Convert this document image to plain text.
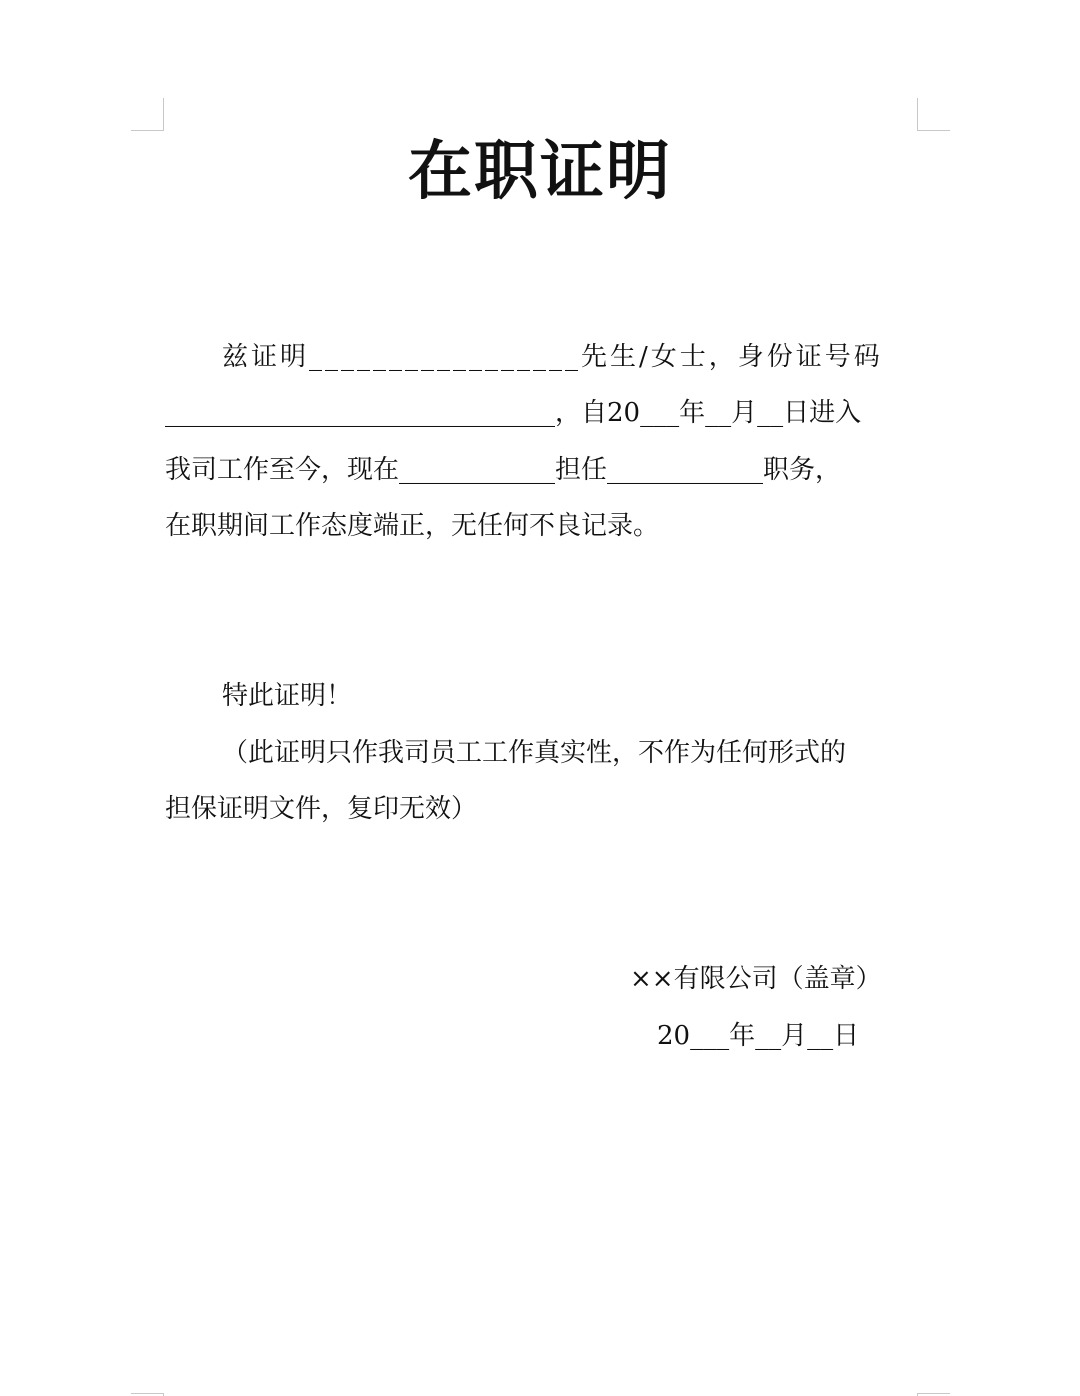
在职证明
兹证明_________________先生/女士，身份证号码
______________________________，自20___年__月__日进入
我司工作至今，现在____________担任____________职务，
在职期间工作态度端正，无任何不良记录。
特此证明！
（此证明只作我司员工工作真实性，不作为任何形式的
担保证明文件，复印无效）
××有限公司（盖章）
20___年__月__日
